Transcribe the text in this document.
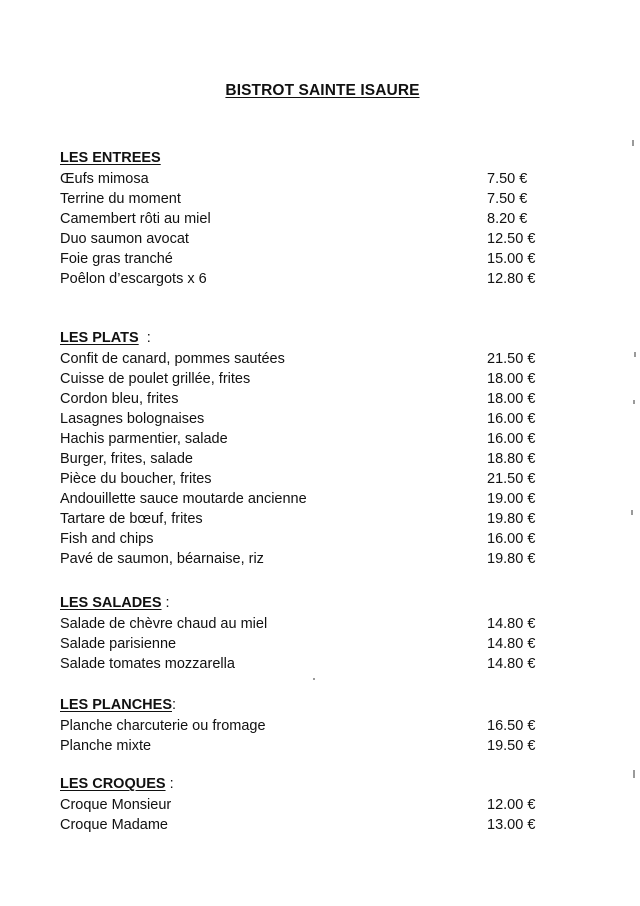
BISTROT SAINTE ISAURE
LES ENTREES
Œufs mimosa	7.50 €
Terrine du moment	7.50 €
Camembert rôti au miel	8.20 €
Duo saumon avocat	12.50 €
Foie gras tranché	15.00 €
Poêlon d’escargots x 6	12.80 €
LES PLATS  :
Confit de canard, pommes sautées	21.50 €
Cuisse de poulet grillée, frites	18.00 €
Cordon bleu, frites	18.00 €
Lasagnes bolognaises	16.00 €
Hachis parmentier, salade	16.00 €
Burger, frites, salade	18.80 €
Pièce du boucher, frites	21.50 €
Andouillette sauce moutarde ancienne	19.00 €
Tartare de bœuf, frites	19.80 €
Fish and chips	16.00 €
Pavé de saumon, béarnaise, riz	19.80 €
LES SALADES :
Salade de chèvre chaud au miel	14.80 €
Salade parisienne	14.80 €
Salade tomates mozzarella	14.80 €
LES PLANCHES:
Planche charcuterie ou fromage	16.50 €
Planche mixte	19.50 €
LES CROQUES :
Croque Monsieur	12.00 €
Croque Madame	13.00 €
